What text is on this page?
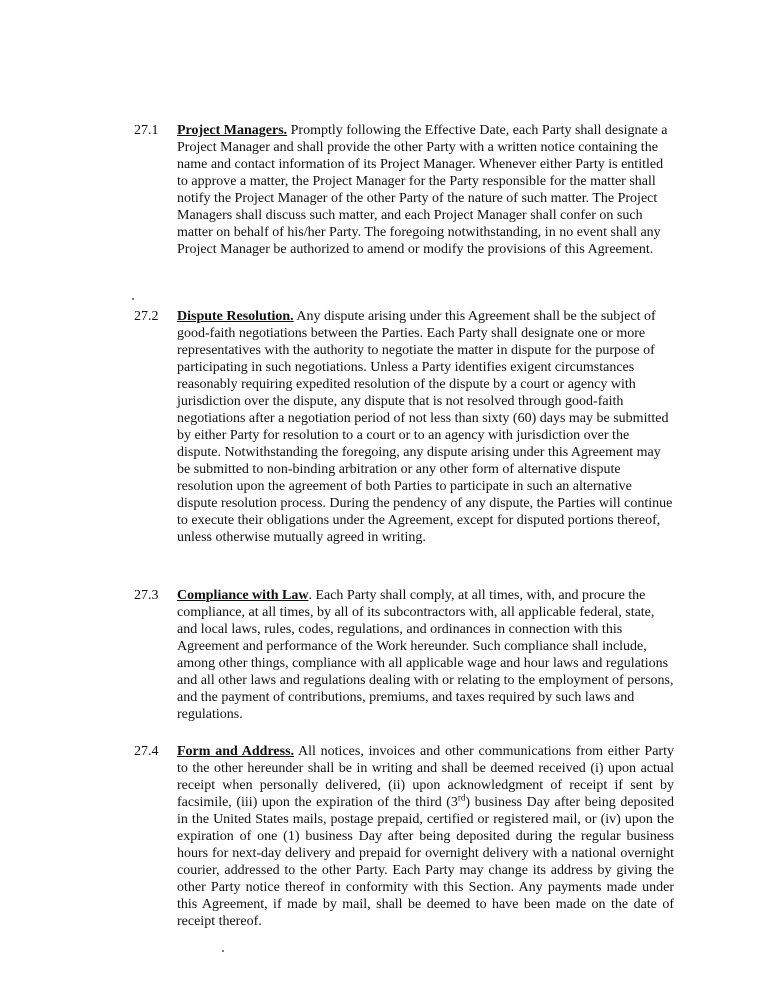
27.1 Project Managers. Promptly following the Effective Date, each Party shall designate a Project Manager and shall provide the other Party with a written notice containing the name and contact information of its Project Manager. Whenever either Party is entitled to approve a matter, the Project Manager for the Party responsible for the matter shall notify the Project Manager of the other Party of the nature of such matter. The Project Managers shall discuss such matter, and each Project Manager shall confer on such matter on behalf of his/her Party. The foregoing notwithstanding, in no event shall any Project Manager be authorized to amend or modify the provisions of this Agreement.
27.2 Dispute Resolution. Any dispute arising under this Agreement shall be the subject of good-faith negotiations between the Parties. Each Party shall designate one or more representatives with the authority to negotiate the matter in dispute for the purpose of participating in such negotiations. Unless a Party identifies exigent circumstances reasonably requiring expedited resolution of the dispute by a court or agency with jurisdiction over the dispute, any dispute that is not resolved through good-faith negotiations after a negotiation period of not less than sixty (60) days may be submitted by either Party for resolution to a court or to an agency with jurisdiction over the dispute. Notwithstanding the foregoing, any dispute arising under this Agreement may be submitted to non-binding arbitration or any other form of alternative dispute resolution upon the agreement of both Parties to participate in such an alternative dispute resolution process. During the pendency of any dispute, the Parties will continue to execute their obligations under the Agreement, except for disputed portions thereof, unless otherwise mutually agreed in writing.
27.3 Compliance with Law. Each Party shall comply, at all times, with, and procure the compliance, at all times, by all of its subcontractors with, all applicable federal, state, and local laws, rules, codes, regulations, and ordinances in connection with this Agreement and performance of the Work hereunder. Such compliance shall include, among other things, compliance with all applicable wage and hour laws and regulations and all other laws and regulations dealing with or relating to the employment of persons, and the payment of contributions, premiums, and taxes required by such laws and regulations.
27.4 Form and Address. All notices, invoices and other communications from either Party to the other hereunder shall be in writing and shall be deemed received (i) upon actual receipt when personally delivered, (ii) upon acknowledgment of receipt if sent by facsimile, (iii) upon the expiration of the third (3rd) business Day after being deposited in the United States mails, postage prepaid, certified or registered mail, or (iv) upon the expiration of one (1) business Day after being deposited during the regular business hours for next-day delivery and prepaid for overnight delivery with a national overnight courier, addressed to the other Party. Each Party may change its address by giving the other Party notice thereof in conformity with this Section. Any payments made under this Agreement, if made by mail, shall be deemed to have been made on the date of receipt thereof.
